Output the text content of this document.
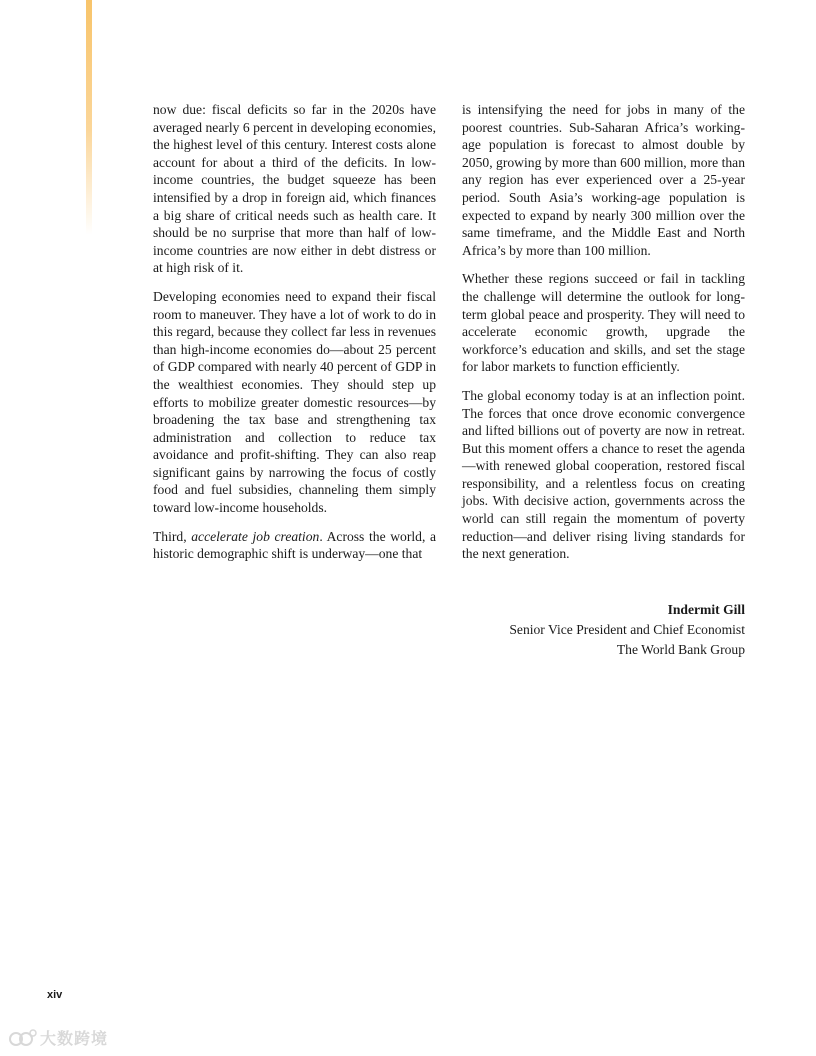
now due: fiscal deficits so far in the 2020s have averaged nearly 6 percent in developing economies, the highest level of this century. Interest costs alone account for about a third of the deficits. In low-income countries, the budget squeeze has been intensified by a drop in foreign aid, which finances a big share of critical needs such as health care. It should be no surprise that more than half of low-income countries are now either in debt distress or at high risk of it.

Developing economies need to expand their fiscal room to maneuver. They have a lot of work to do in this regard, because they collect far less in revenues than high-income economies do—about 25 percent of GDP compared with nearly 40 percent of GDP in the wealthiest economies. They should step up efforts to mobilize greater domestic resources—by broadening the tax base and strengthening tax administration and collection to reduce tax avoidance and profit-shifting. They can also reap significant gains by narrowing the focus of costly food and fuel subsidies, channeling them simply toward low-income households.

Third, accelerate job creation. Across the world, a historic demographic shift is underway—one that

is intensifying the need for jobs in many of the poorest countries. Sub-Saharan Africa’s working-age population is forecast to almost double by 2050, growing by more than 600 million, more than any region has ever experienced over a 25-year period. South Asia’s working-age population is expected to expand by nearly 300 million over the same timeframe, and the Middle East and North Africa’s by more than 100 million.

Whether these regions succeed or fail in tackling the challenge will determine the outlook for long-term global peace and prosperity. They will need to accelerate economic growth, upgrade the workforce’s education and skills, and set the stage for labor markets to function efficiently.

The global economy today is at an inflection point. The forces that once drove economic convergence and lifted billions out of poverty are now in retreat. But this moment offers a chance to reset the agenda—with renewed global cooperation, restored fiscal responsibility, and a relentless focus on creating jobs. With decisive action, governments across the world can still regain the momentum of poverty reduction—and deliver rising living standards for the next generation.

Indermit Gill
Senior Vice President and Chief Economist
The World Bank Group
xiv
大数跨境
